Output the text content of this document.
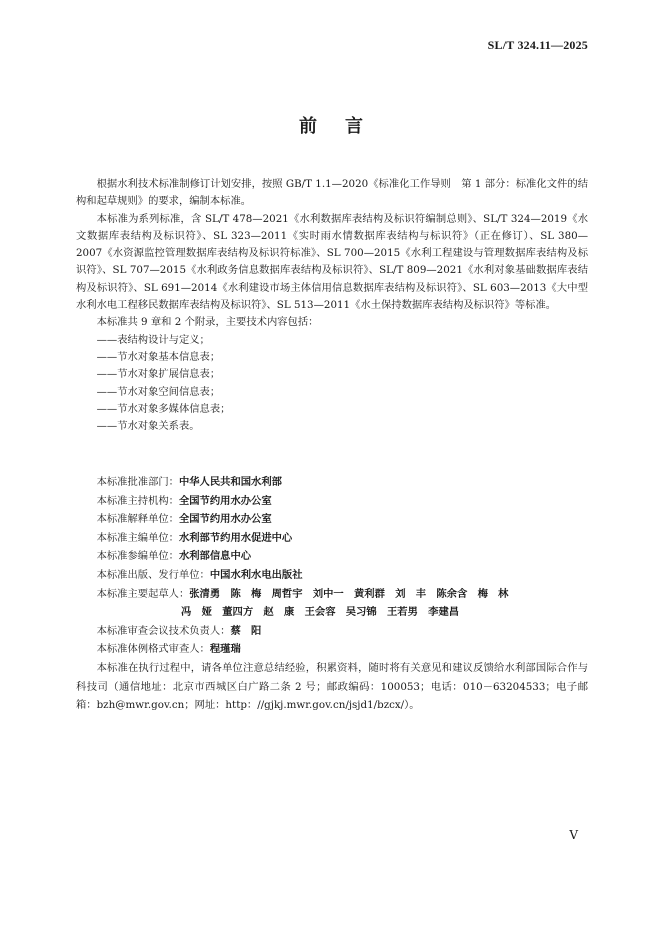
SL/T 324.11—2025
前言

根据水利技术标准制修订计划安排，按照 GB/T 1.1—2020《标准化工作导则　第 1 部分：标准化文件的结构和起草规则》的要求，编制本标准。

本标准为系列标准，含 SL/T 478—2021《水利数据库表结构及标识符编制总则》、SL/T 324—2019《水文数据库表结构及标识符》、SL 323—2011《实时雨水情数据库表结构与标识符》（正在修订）、SL 380—2007《水资源监控管理数据库表结构及标识符标准》、SL 700—2015《水利工程建设与管理数据库表结构及标识符》、SL 707—2015《水利政务信息数据库表结构及标识符》、SL/T 809—2021《水利对象基础数据库表结构及标识符》、SL 691—2014《水利建设市场主体信用信息数据库表结构及标识符》、SL 603—2013《大中型水利水电工程移民数据库表结构及标识符》、SL 513—2011《水土保持数据库表结构及标识符》等标准。

本标准共 9 章和 2 个附录，主要技术内容包括：

——表结构设计与定义；

——节水对象基本信息表；

——节水对象扩展信息表；

——节水对象空间信息表；

——节水对象多媒体信息表；

——节水对象关系表。

本标准批准部门：中华人民共和国水利部
本标准主持机构：全国节约用水办公室
本标准解释单位：全国节约用水办公室
本标准主编单位：水利部节约用水促进中心
本标准参编单位：水利部信息中心
本标准出版、发行单位：中国水利水电出版社
本标准主要起草人：张清勇　陈　梅　周哲宇　刘中一　黄利群　刘　丰　陈余含　梅　林
冯　娅　董四方　赵　康　王会容　吴习锦　王若男　李建昌
本标准审查会议技术负责人：蔡　阳
本标准体例格式审查人：程瑾瑞

本标准在执行过程中，请各单位注意总结经验，积累资料，随时将有关意见和建议反馈给水利部国际合作与科技司（通信地址：北京市西城区白广路二条 2 号；邮政编码：100053；电话：010－63204533；电子邮箱：bzh@mwr.gov.cn；网址：http：//gjkj.mwr.gov.cn/jsjd1/bzcx/）。

Ⅴ
